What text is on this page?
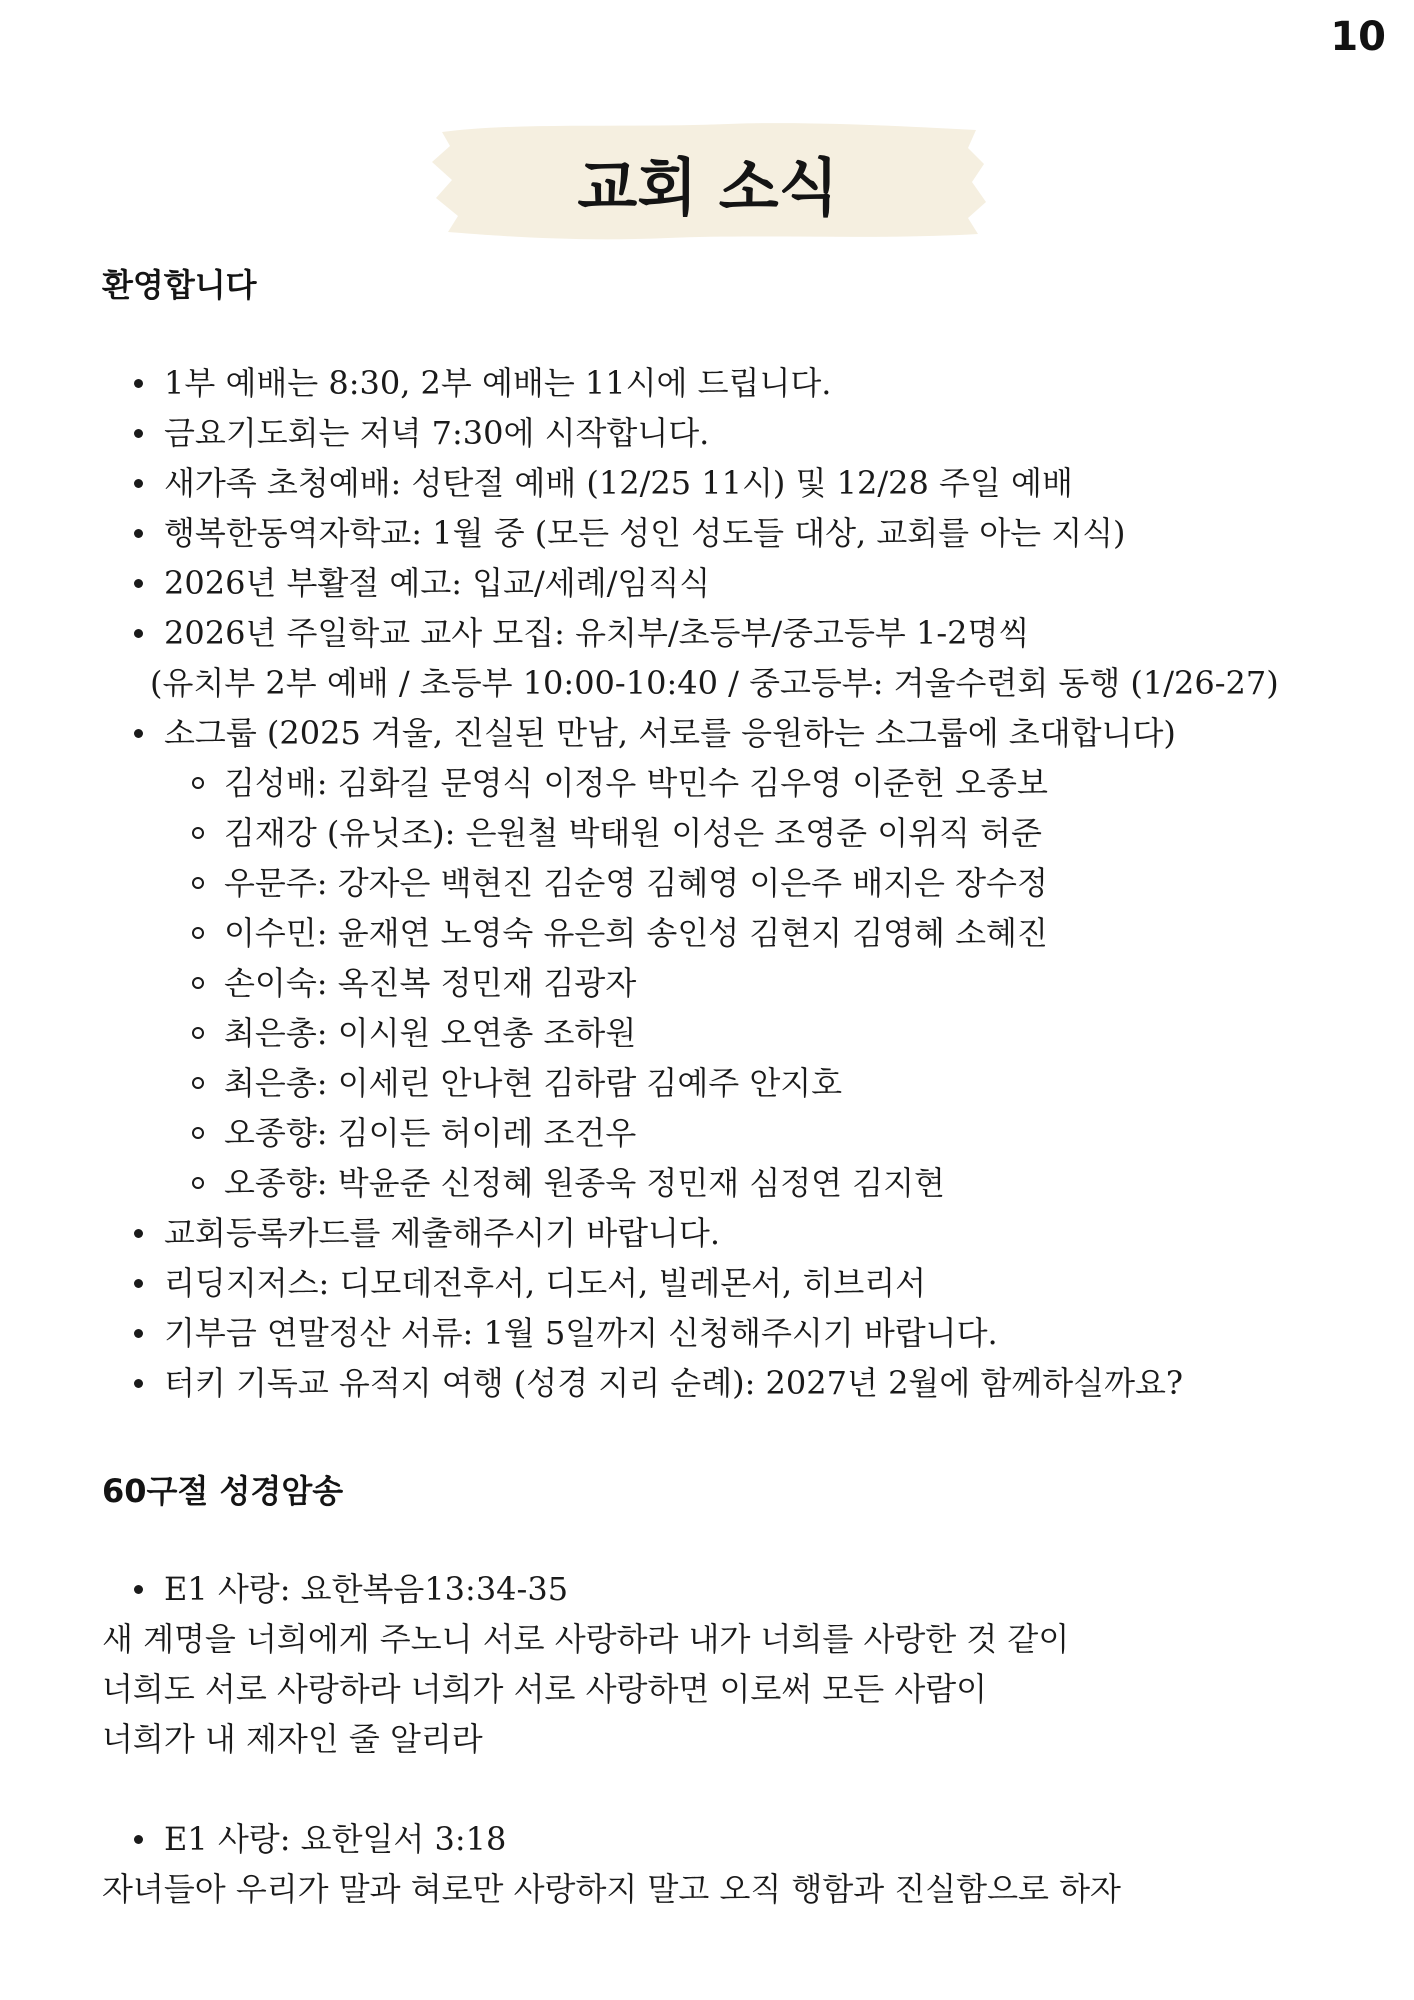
10
교회 소식
환영합니다
1부 예배는 8:30, 2부 예배는 11시에 드립니다.
금요기도회는 저녁 7:30에 시작합니다.
새가족 초청예배: 성탄절 예배 (12/25 11시) 및 12/28 주일 예배
행복한동역자학교: 1월 중 (모든 성인 성도들 대상, 교회를 아는 지식)
2026년 부활절 예고: 입교/세례/임직식
2026년 주일학교 교사 모집: 유치부/초등부/중고등부 1-2명씩
(유치부 2부 예배 / 초등부 10:00-10:40 / 중고등부: 겨울수련회 동행 (1/26-27)
소그룹 (2025 겨울, 진실된 만남, 서로를 응원하는 소그룹에 초대합니다)
김성배: 김화길 문영식 이정우 박민수 김우영 이준헌 오종보
김재강 (유닛조): 은원철 박태원 이성은 조영준 이위직 허준
우문주: 강자은 백현진 김순영 김혜영 이은주 배지은 장수정
이수민: 윤재연 노영숙 유은희 송인성 김현지 김영혜 소혜진
손이숙: 옥진복 정민재 김광자
최은총: 이시원 오연총 조하원
최은총: 이세린 안나현 김하람 김예주 안지호
오종향: 김이든 허이레 조건우
오종향: 박윤준 신정혜 원종욱 정민재 심정연 김지현
교회등록카드를 제출해주시기 바랍니다.
리딩지저스: 디모데전후서, 디도서, 빌레몬서, 히브리서
기부금 연말정산 서류: 1월 5일까지 신청해주시기 바랍니다.
터키 기독교 유적지 여행 (성경 지리 순례): 2027년 2월에 함께하실까요?
60구절 성경암송
E1 사랑: 요한복음13:34-35
새 계명을 너희에게 주노니 서로 사랑하라 내가 너희를 사랑한 것 같이
너희도 서로 사랑하라 너희가 서로 사랑하면 이로써 모든 사람이
너희가 내 제자인 줄 알리라
E1 사랑: 요한일서 3:18
자녀들아 우리가 말과 혀로만 사랑하지 말고 오직 행함과 진실함으로 하자
